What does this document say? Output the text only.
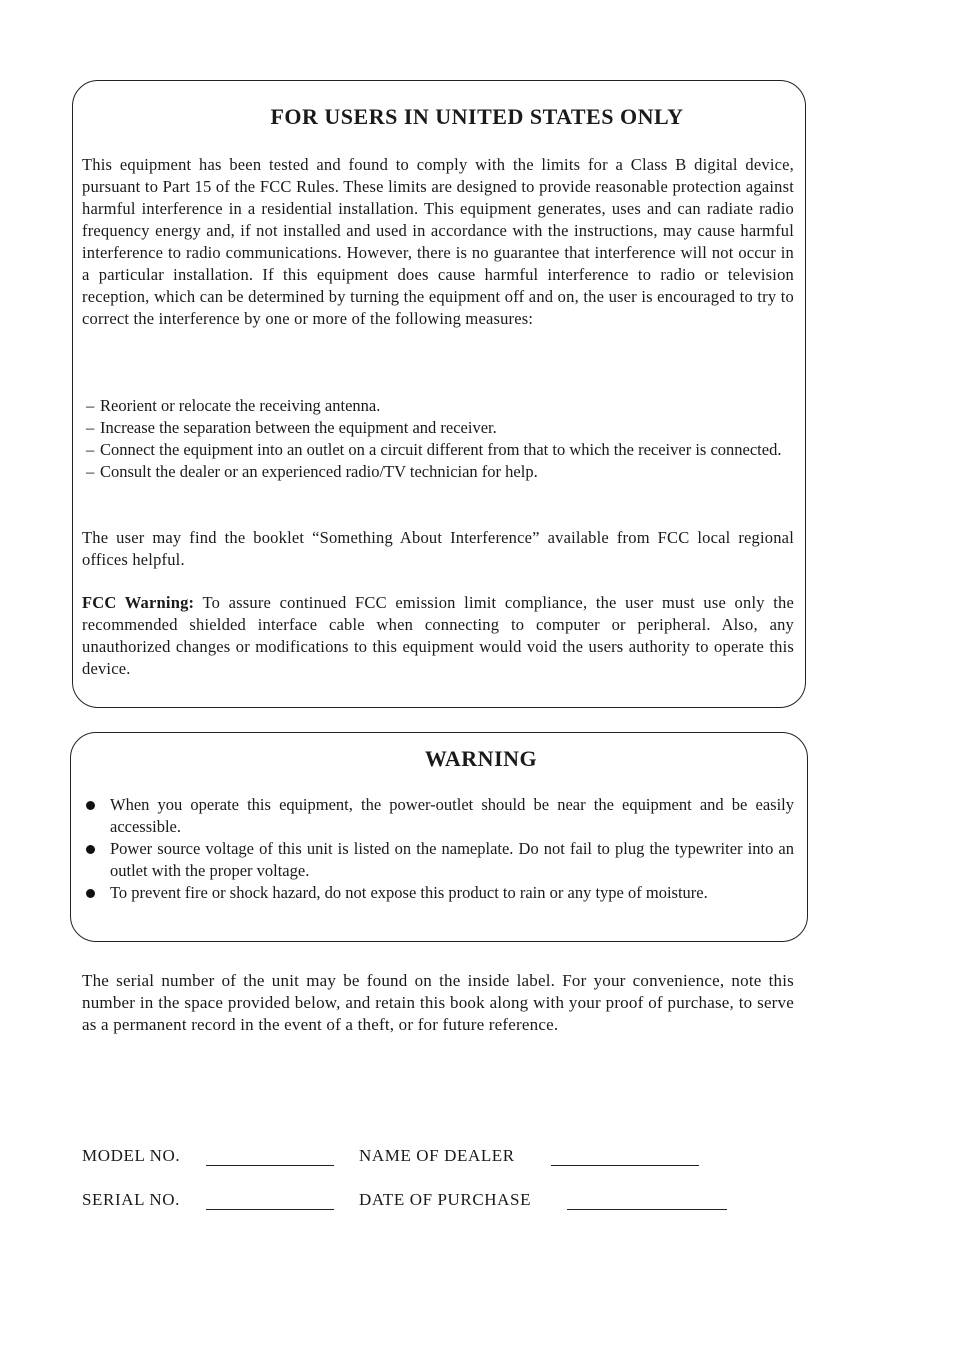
FOR USERS IN UNITED STATES ONLY
This equipment has been tested and found to comply with the limits for a Class B digital device, pursuant to Part 15 of the FCC Rules. These limits are designed to provide reasonable protection against harmful interference in a residential installation. This equipment generates, uses and can radiate radio frequency energy and, if not installed and used in accordance with the instructions, may cause harmful interference to radio communications. However, there is no guarantee that interference will not occur in a particular installation. If this equipment does cause harmful interference to radio or television reception, which can be determined by turning the equipment off and on, the user is encouraged to try to correct the interference by one or more of the following measures:
– Reorient or relocate the receiving antenna.
– Increase the separation between the equipment and receiver.
– Connect the equipment into an outlet on a circuit different from that to which the receiver is connected.
– Consult the dealer or an experienced radio/TV technician for help.
The user may find the booklet “Something About Interference” available from FCC local regional offices helpful.
FCC Warning: To assure continued FCC emission limit compliance, the user must use only the recommended shielded interface cable when connecting to computer or peripheral. Also, any unauthorized changes or modifications to this equipment would void the users authority to operate this device.
WARNING
When you operate this equipment, the power-outlet should be near the equipment and be easily accessible.
Power source voltage of this unit is listed on the nameplate. Do not fail to plug the typewriter into an outlet with the proper voltage.
To prevent fire or shock hazard, do not expose this product to rain or any type of moisture.
The serial number of the unit may be found on the inside label. For your convenience, note this number in the space provided below, and retain this book along with your proof of purchase, to serve as a permanent record in the event of a theft, or for future reference.
MODEL NO.	NAME OF DEALER
SERIAL NO.	DATE OF PURCHASE
